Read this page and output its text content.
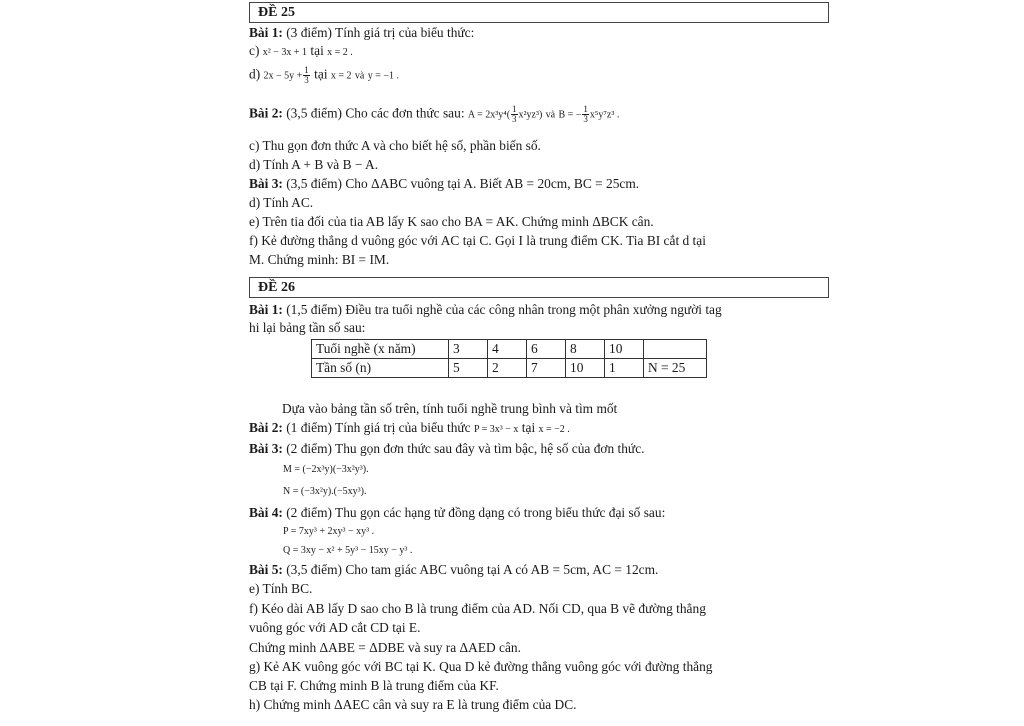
ĐỀ 25
Bài 1: (3 điểm) Tính giá trị của biểu thức:
c) x² − 3x + 1 tại x = 2 .
d) $2x - 5y + \frac{1}{3}$ tại x = 2 và y = −1 .
Bài 2: (3,5 điểm) Cho các đơn thức sau: $A = 2x^3y^4( \frac{1}{3} x^2yz^3)$ và B = − $\frac{1}{3} x^5y^7z^3$ .
c) Thu gọn đơn thức A và cho biết hệ số, phần biến số.
d) Tính A + B và B − A.
Bài 3: (3,5 điểm) Cho ΔABC vuông tại A. Biết AB = 20cm, BC = 25cm.
d) Tính AC.
e) Trên tia đối của tia AB lấy K sao cho BA = AK. Chứng minh ΔBCK cân.
f) Kẻ đường thẳng d vuông góc với AC tại C. Gọi I là trung điểm CK. Tia BI cắt d tại
M. Chứng minh: BI = IM.
ĐỀ 26
Bài 1: (1,5 điểm) Điều tra tuổi nghề của các công nhân trong một phân xưởng người tag
hi lại bảng tần số sau:
Tuổi nghề (x năm)	3	4	6	8	10	
Tần số (n)	5	2	7	10	1	N = 25
Dựa vào bảng tần số trên, tính tuổi nghề trung bình và tìm mốt
Bài 2: (1 điểm) Tính giá trị của biểu thức P = 3x³ − x tại x = −2 .
Bài 3: (2 điểm) Thu gọn đơn thức sau đây và tìm bậc, hệ số của đơn thức.
M = (−2x³y)(−3x²y³).
N = (−3x²y).(−5xy³).
Bài 4: (2 điểm) Thu gọn các hạng tử đồng dạng có trong biểu thức đại số sau:
P = 7xy³ + 2xy³ − xy³ .
Q = 3xy − x² + 5y³ − 15xy − y³ .
Bài 5: (3,5 điểm) Cho tam giác ABC vuông tại A có AB = 5cm, AC = 12cm.
e) Tính BC.
f) Kéo dài AB lấy D sao cho B là trung điểm của AD. Nối CD, qua B vẽ đường thẳng
vuông góc với AD cắt CD tại E.
Chứng minh ΔABE = ΔDBE và suy ra ΔAED cân.
g) Kẻ AK vuông góc với BC tại K. Qua D kẻ đường thẳng vuông góc với đường thẳng
CB tại F. Chứng minh B là trung điểm của KF.
h) Chứng minh ΔAEC cân và suy ra E là trung điểm của DC.
